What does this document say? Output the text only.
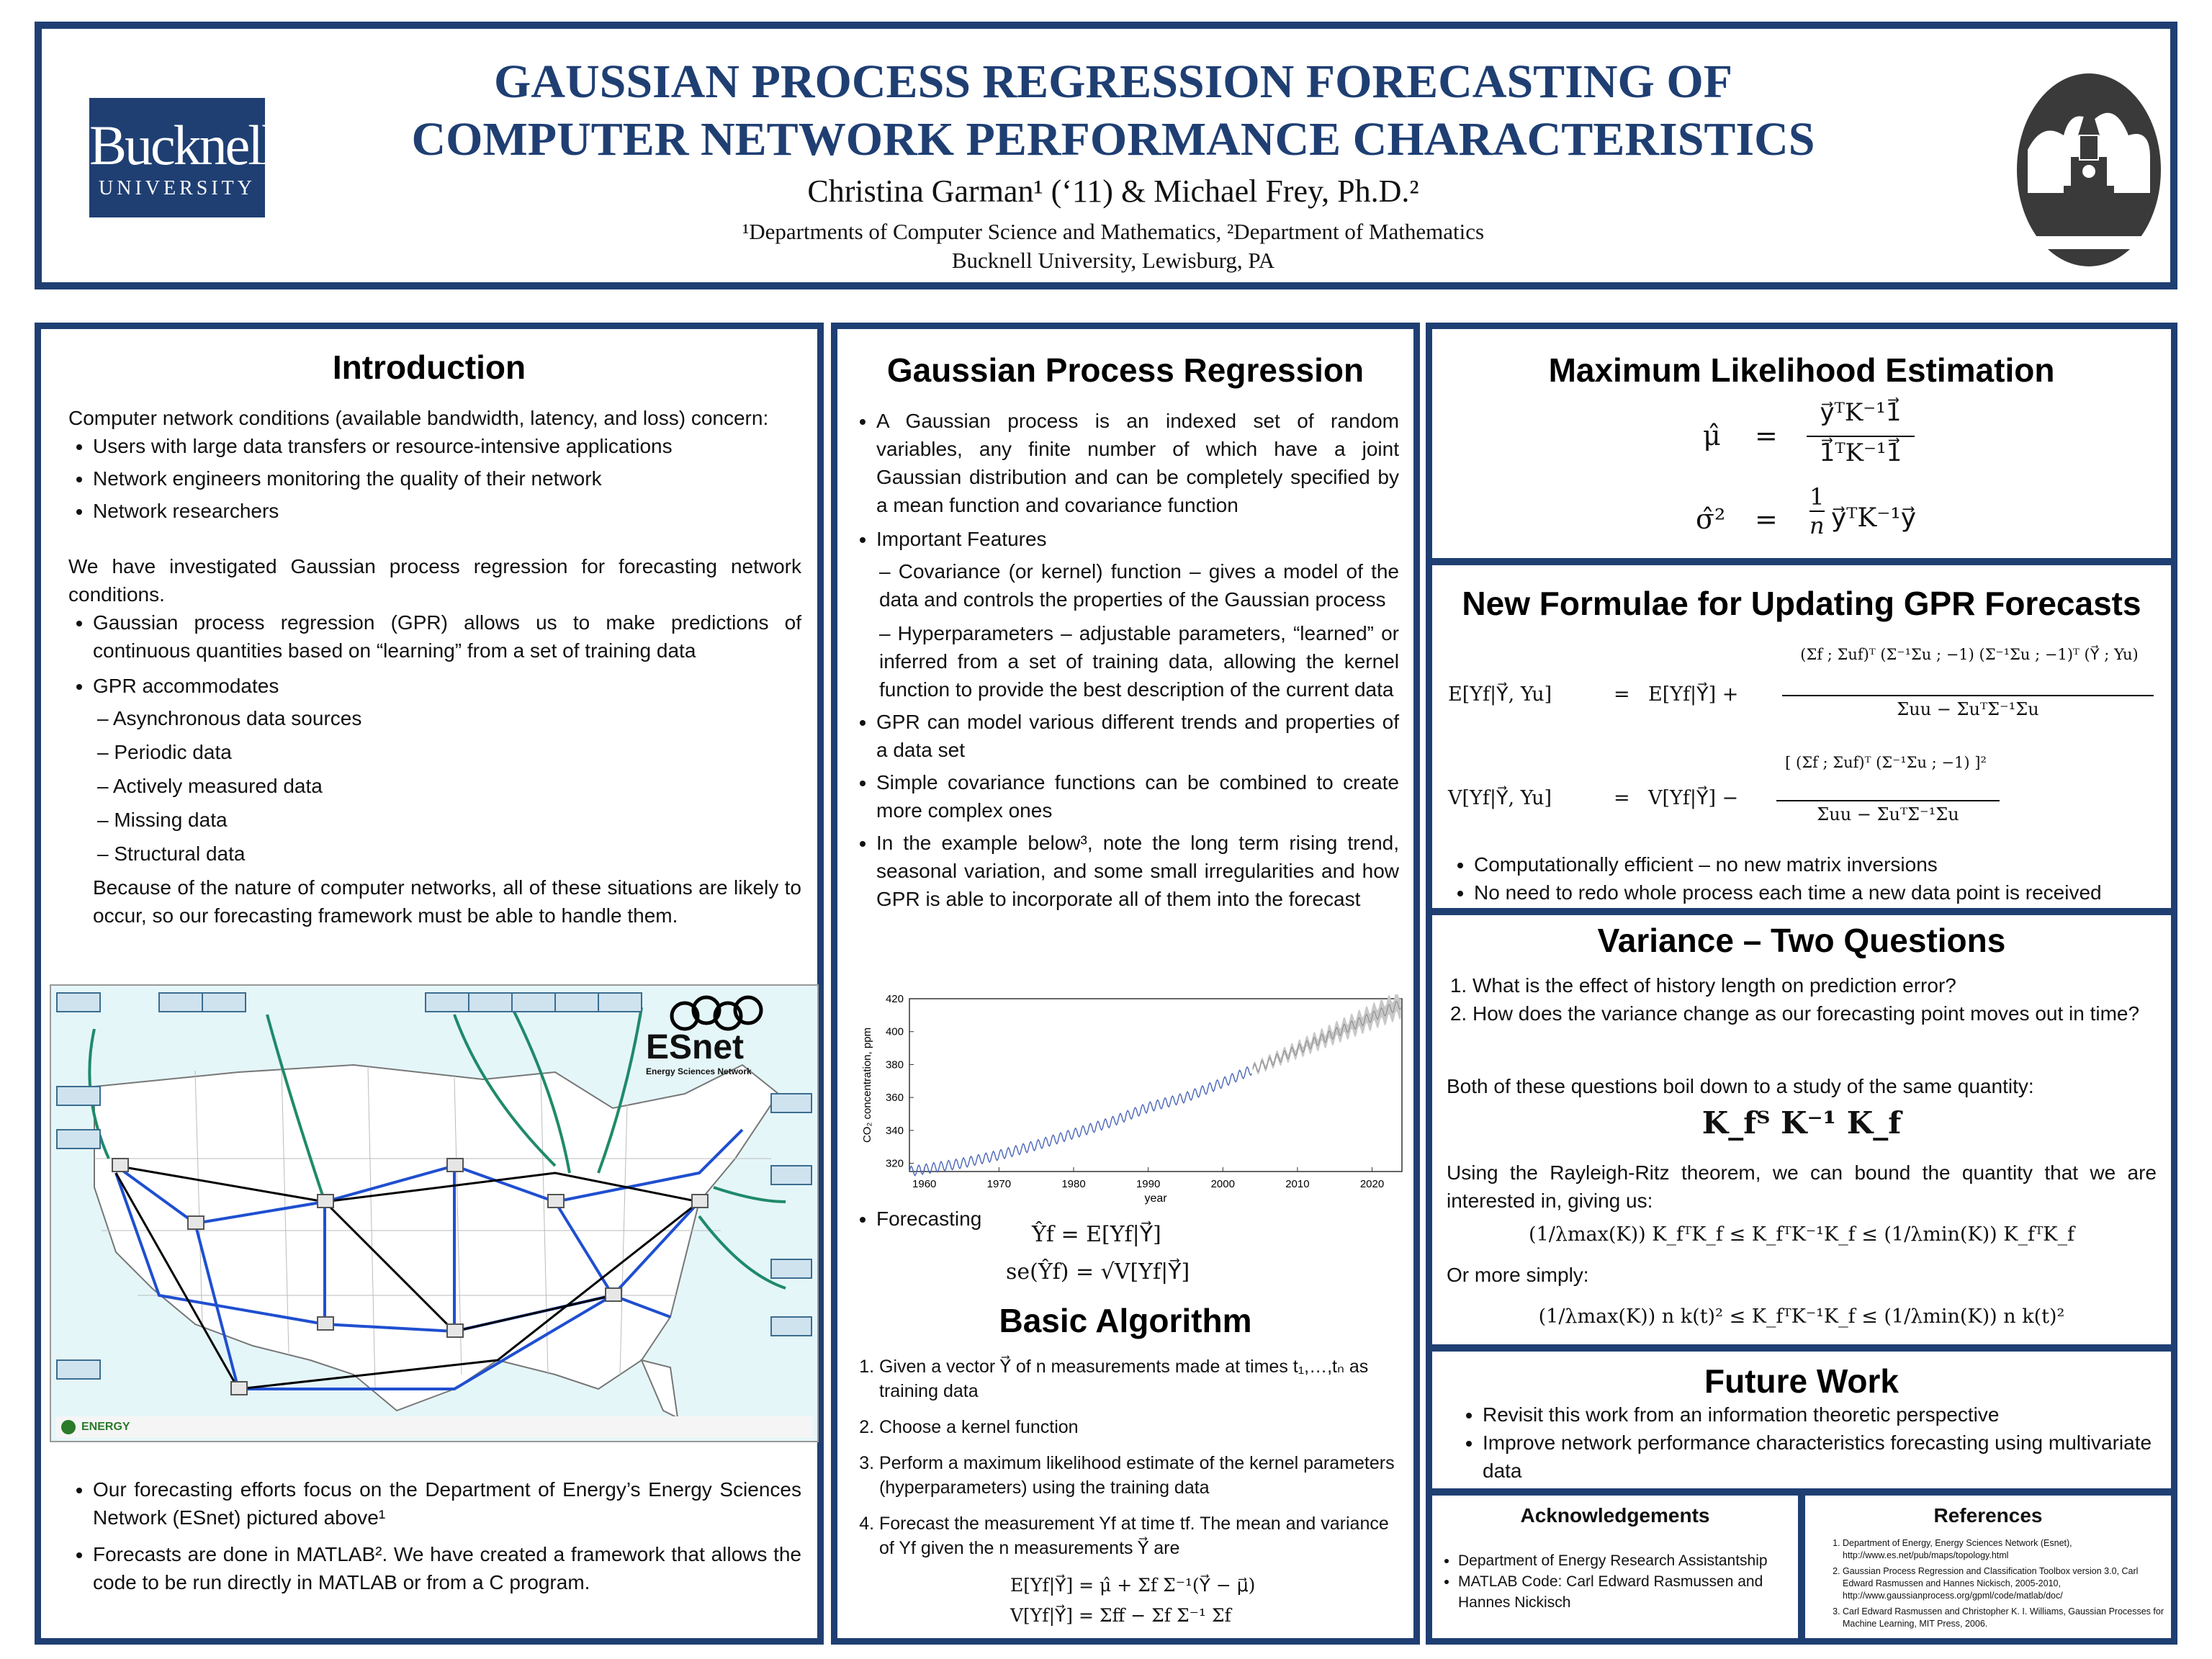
Bucknell
UNIVERSITY
GAUSSIAN PROCESS REGRESSION FORECASTING OF
COMPUTER NETWORK PERFORMANCE CHARACTERISTICS
Christina Garman¹ (‘11) & Michael Frey, Ph.D.²
¹Departments of Computer Science and Mathematics, ²Department of Mathematics
Bucknell University, Lewisburg, PA
Introduction
Computer network conditions (available bandwidth, latency, and loss) concern:
• Users with large data transfers or resource-intensive applications
• Network engineers monitoring the quality of their network
• Network researchers
We have investigated Gaussian process regression for forecasting network conditions.
• Gaussian process regression (GPR) allows us to make predictions of continuous quantities based on “learning” from a set of training data
• GPR accommodates
– Asynchronous data sources
– Periodic data
– Actively measured data
– Missing data
– Structural data
Because of the nature of computer networks, all of these situations are likely to occur, so our forecasting framework must be able to handle them.
ESnet
Energy Sciences Network
ENERGY
• Our forecasting efforts focus on the Department of Energy’s Energy Sciences Network (ESnet) pictured above¹
• Forecasts are done in MATLAB². We have created a framework that allows the code to be run directly in MATLAB or from a C program.
Gaussian Process Regression
• A Gaussian process is an indexed set of random variables, any finite number of which have a joint Gaussian distribution and can be completely specified by a mean function and covariance function
• Important Features
– Covariance (or kernel) function – gives a model of the data and controls the properties of the Gaussian process
– Hyperparameters – adjustable parameters, “learned” or inferred from a set of training data, allowing the kernel function to provide the best description of the current data
• GPR can model various different trends and properties of a data set
• Simple covariance functions can be combined to create more complex ones
• In the example below³, note the long term rising trend, seasonal variation, and some small irregularities and how GPR is able to incorporate all of them into the forecast
1960	1970	1980	1990	2000	2010	2020
320
340
360
380
400
420
year
CO₂ concentration, ppm
• Forecasting
Ŷf = E[Yf|Y⃗]
se(Ŷf) = √V[Yf|Y⃗]
Basic Algorithm
1. Given a vector Y⃗ of n measurements made at times t₁,…,tₙ as training data
2. Choose a kernel function
3. Perform a maximum likelihood estimate of the kernel parameters (hyperparameters) using the training data
4. Forecast the measurement Yf at time tf. The mean and variance of Yf given the n measurements Y⃗ are
E[Yf|Y⃗] = μ̂ + Σf Σ⁻¹(Y⃗ − μ⃗)
V[Yf|Y⃗] = Σff − Σf Σ⁻¹ Σf
Maximum Likelihood Estimation
μ̂ =
y⃗ᵀK⁻¹1⃗
1⃗ᵀK⁻¹1⃗
σ̂² =
1
n y⃗ᵀK⁻¹y⃗
New Formulae for Updating GPR Forecasts
E[Yf|Y⃗, Yu]	= E[Yf|Y⃗] +
(Σf ; Σuf)ᵀ (Σ⁻¹Σu ; −1) (Σ⁻¹Σu ; −1)ᵀ (Y⃗ ; Yu)
Σuu − ΣuᵀΣ⁻¹Σu
V[Yf|Y⃗, Yu]	= V[Yf|Y⃗] −
[ (Σf ; Σuf)ᵀ (Σ⁻¹Σu ; −1) ]²
Σuu − ΣuᵀΣ⁻¹Σu
• Computationally efficient – no new matrix inversions
• No need to redo whole process each time a new data point is received
Variance – Two Questions
1. What is the effect of history length on prediction error?
2. How does the variance change as our forecasting point moves out in time?
Both of these questions boil down to a study of the same quantity:
K_fᵀ K⁻¹ K_f
Using the Rayleigh-Ritz theorem, we can bound the quantity that we are interested in, giving us:
(1/λmax(K)) K_fᵀK_f ≤ K_fᵀK⁻¹K_f ≤ (1/λmin(K)) K_fᵀK_f
Or more simply:
(1/λmax(K)) n k(t)² ≤ K_fᵀK⁻¹K_f ≤ (1/λmin(K)) n k(t)²
Future Work
• Revisit this work from an information theoretic perspective
• Improve network performance characteristics forecasting using multivariate data
Acknowledgements
• Department of Energy Research Assistantship
• MATLAB Code: Carl Edward Rasmussen and Hannes Nickisch
References
1. Department of Energy, Energy Sciences Network (Esnet), http://www.es.net/pub/maps/topology.html
2. Gaussian Process Regression and Classification Toolbox version 3.0, Carl Edward Rasmussen and Hannes Nickisch, 2005-2010, http://www.gaussianprocess.org/gpml/code/matlab/doc/
3. Carl Edward Rasmussen and Christopher K. I. Williams, Gaussian Processes for Machine Learning, MIT Press, 2006.
